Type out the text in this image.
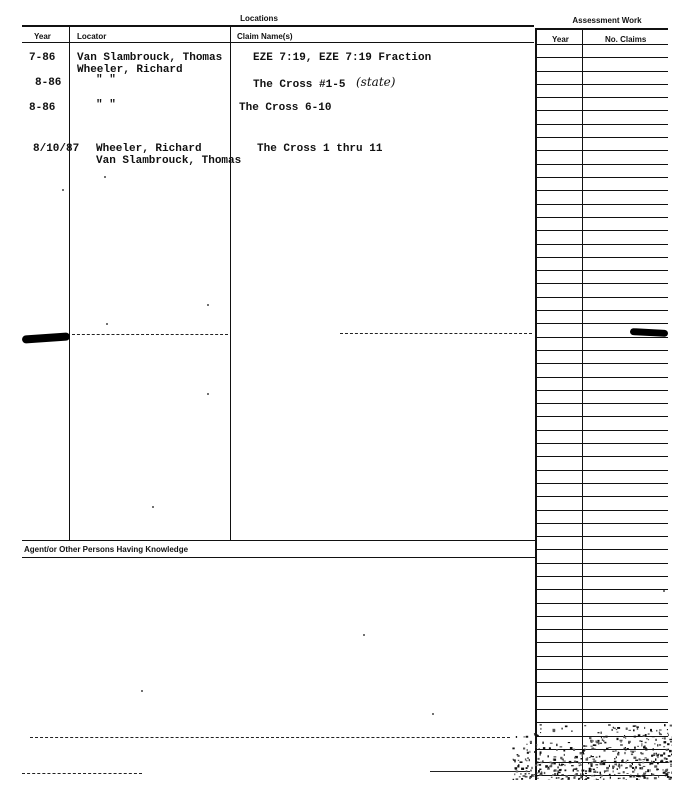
Locations	Assessment Work
Year	Locator	Claim Name(s)	Year	No. Claims
Agent/or Other Persons Having Knowledge
7-86 Van Slambrouck, Thomas	EZE 7:19, EZE 7:19 Fraction
Wheeler, Richard
8-86	" "	The Cross #1-5 (state)
8-86	" "	The Cross 6-10
8/10/87 Wheeler, Richard	The Cross 1 thru 11
Van Slambrouck, Thomas
